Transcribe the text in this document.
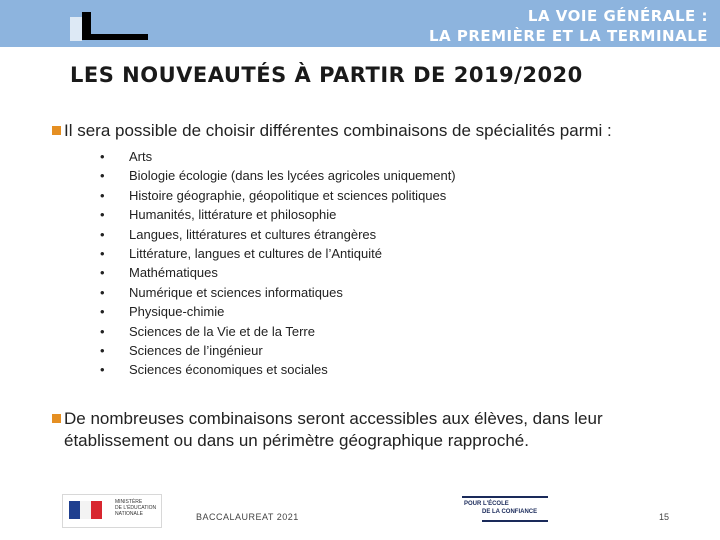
LA VOIE GÉNÉRALE :
LA PREMIÈRE ET LA TERMINALE
LES NOUVEAUTÉS À PARTIR DE 2019/2020
Il sera possible de choisir différentes combinaisons de spécialités parmi :
• Arts
• Biologie écologie (dans les lycées agricoles uniquement)
• Histoire géographie, géopolitique et sciences politiques
• Humanités, littérature et philosophie
• Langues, littératures et cultures étrangères
• Littérature, langues et cultures de l’Antiquité
• Mathématiques
• Numérique et sciences informatiques
• Physique-chimie
• Sciences de la Vie et de la Terre
• Sciences de l’ingénieur
• Sciences économiques et sociales
De nombreuses combinaisons seront accessibles aux élèves, dans leur établissement ou dans un périmètre géographique rapproché.
MINISTÈRE
DE L'ÉDUCATION
NATIONALE	BACCALAUREAT 2021
POUR L'ÉCOLE
DE LA CONFIANCE	15
